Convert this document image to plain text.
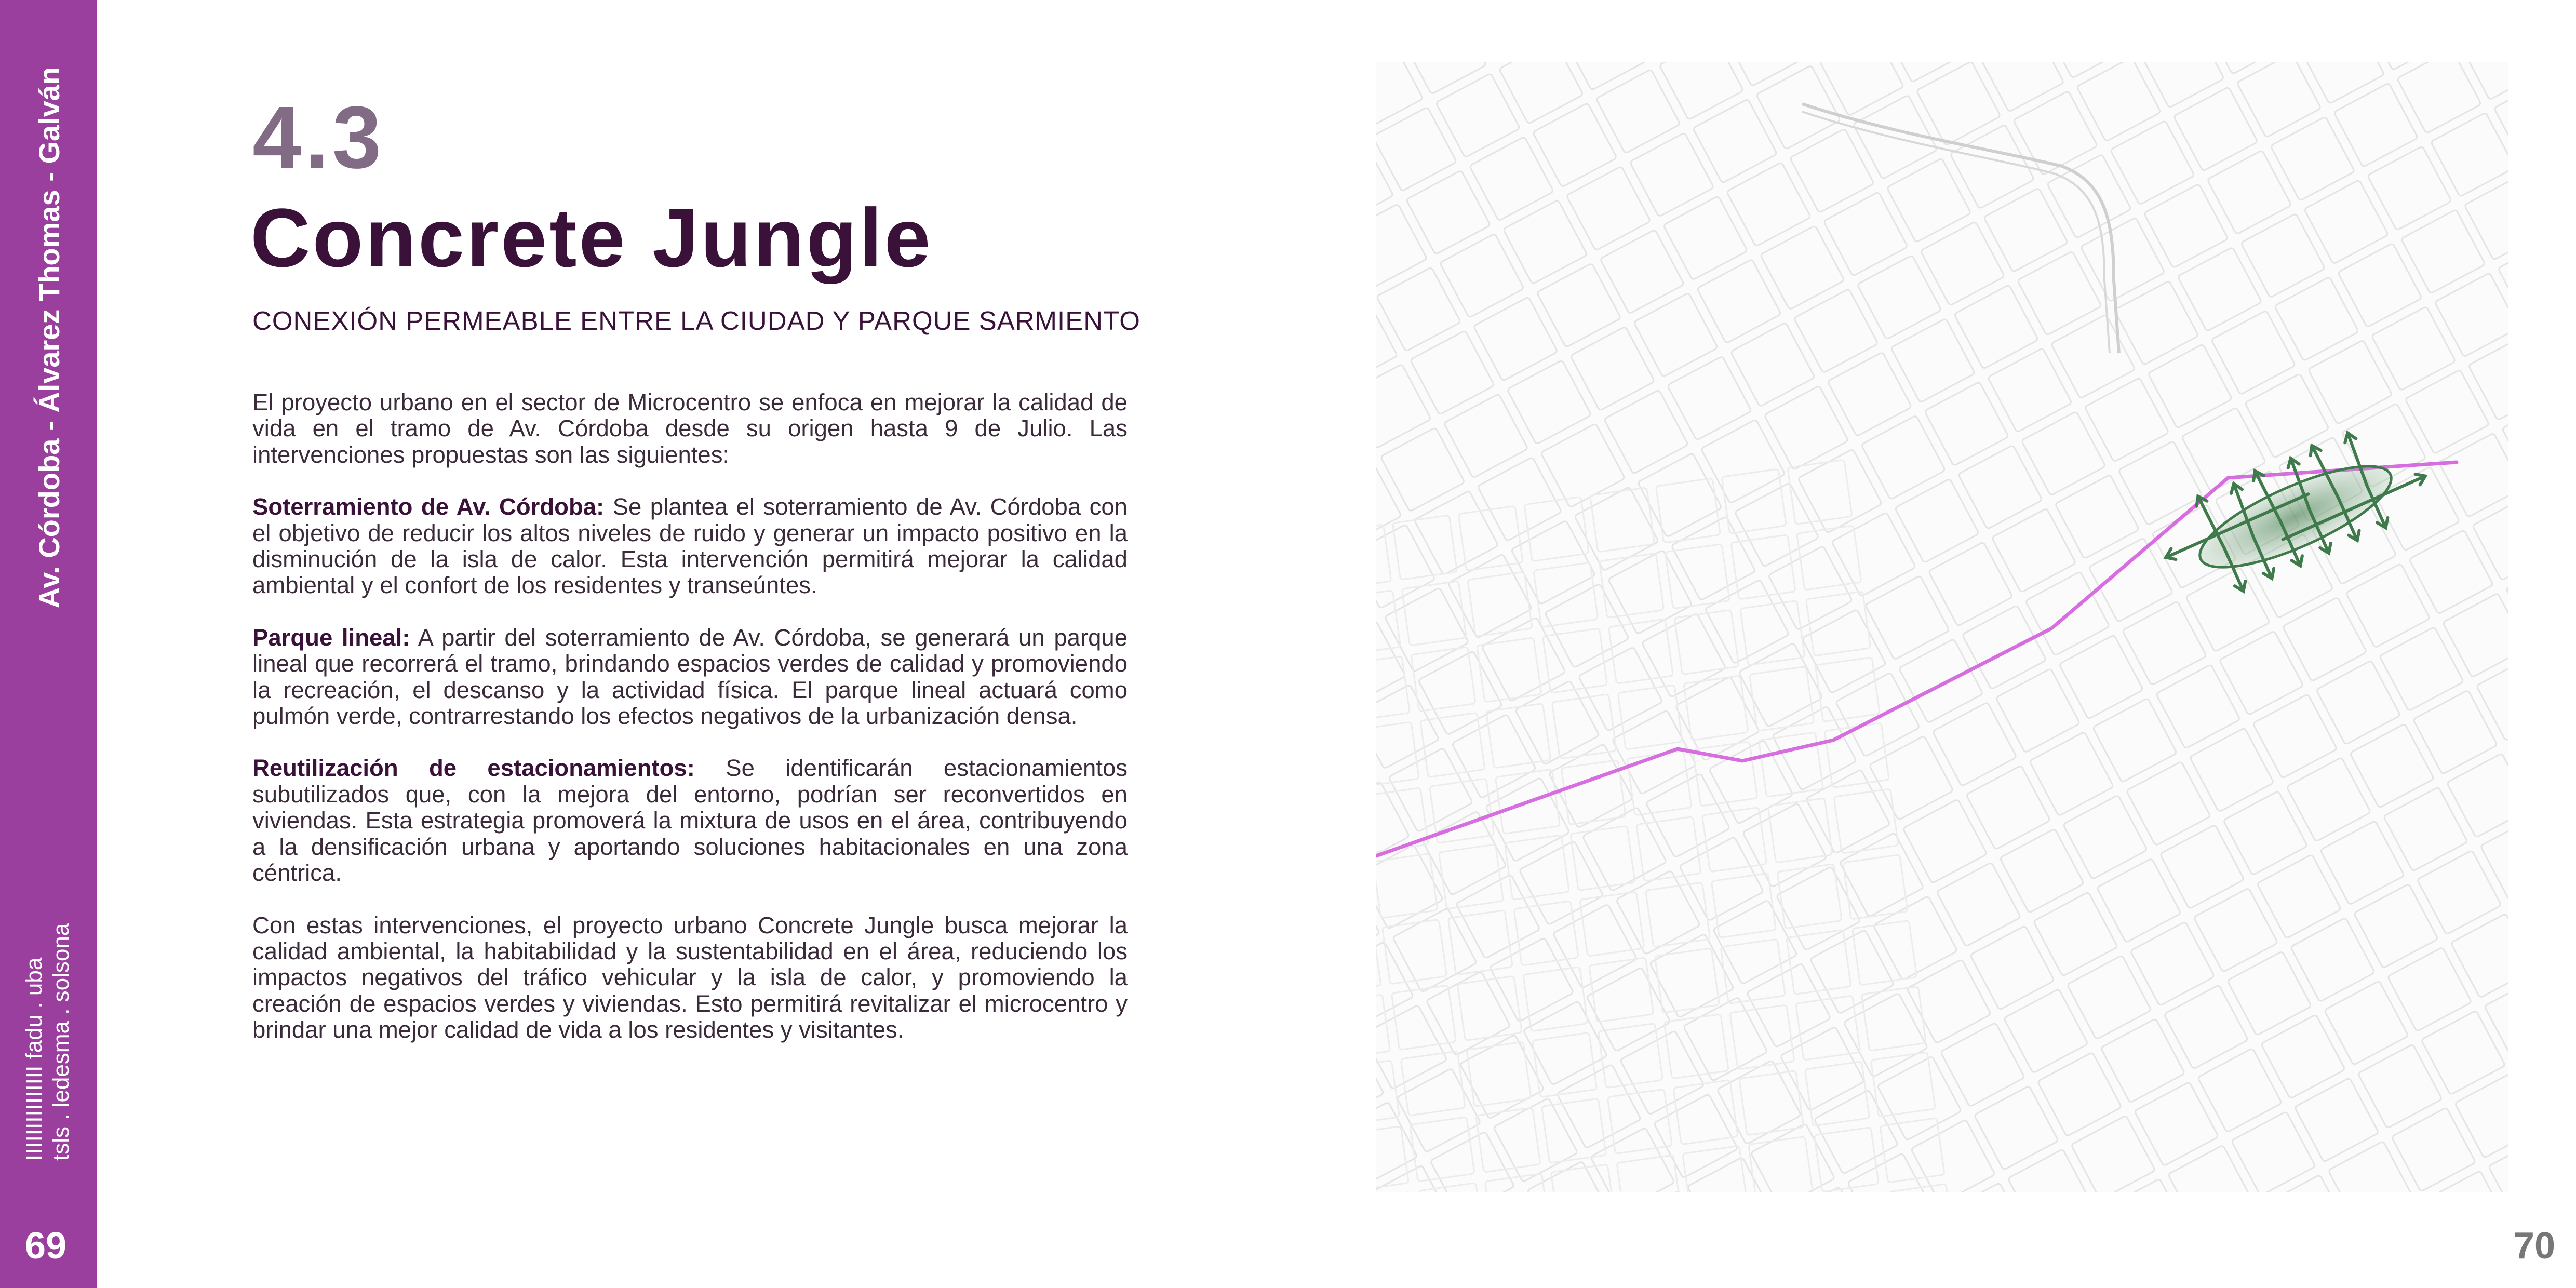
Av. Córdoba - Álvarez Thomas - Galván
IIIIIIIIIIIIIII fadu . uba tsls . ledesma . solsona
69
4.3
Concrete Jungle
CONEXIÓN PERMEABLE ENTRE LA CIUDAD Y PARQUE SARMIENTO

El proyecto urbano en el sector de Microcentro se enfoca en mejorar la calidad de vida en el tramo de Av. Córdoba desde su origen hasta 9 de Julio. Las intervenciones propuestas son las siguientes:

Soterramiento de Av. Córdoba: Se plantea el soterramiento de Av. Córdoba con el objetivo de reducir los altos niveles de ruido y generar un impacto positivo en la disminución de la isla de calor. Esta intervención permitirá mejorar la calidad ambiental y el confort de los residentes y transeúntes.

Parque lineal: A partir del soterramiento de Av. Córdoba, se generará un parque lineal que recorrerá el tramo, brindando espacios verdes de calidad y promoviendo la recreación, el descanso y la actividad física. El parque lineal actuará como pulmón verde, contrarrestando los efectos negativos de la urbanización densa.

Reutilización de estacionamientos: Se identificarán estacionamientos subutilizados que, con la mejora del entorno, podrían ser reconvertidos en viviendas. Esta estrategia promoverá la mixtura de usos en el área, contribuyendo a la densificación urbana y aportando soluciones habitacionales en una zona céntrica.

Con estas intervenciones, el proyecto urbano Concrete Jungle busca mejorar la calidad ambiental, la habitabilidad y la sustentabilidad en el área, reduciendo los impactos negativos del tráfico vehicular y la isla de calor, y promoviendo la creación de espacios verdes y viviendas. Esto permitirá revitalizar el microcentro y brindar una mejor calidad de vida a los residentes y visitantes.

70
